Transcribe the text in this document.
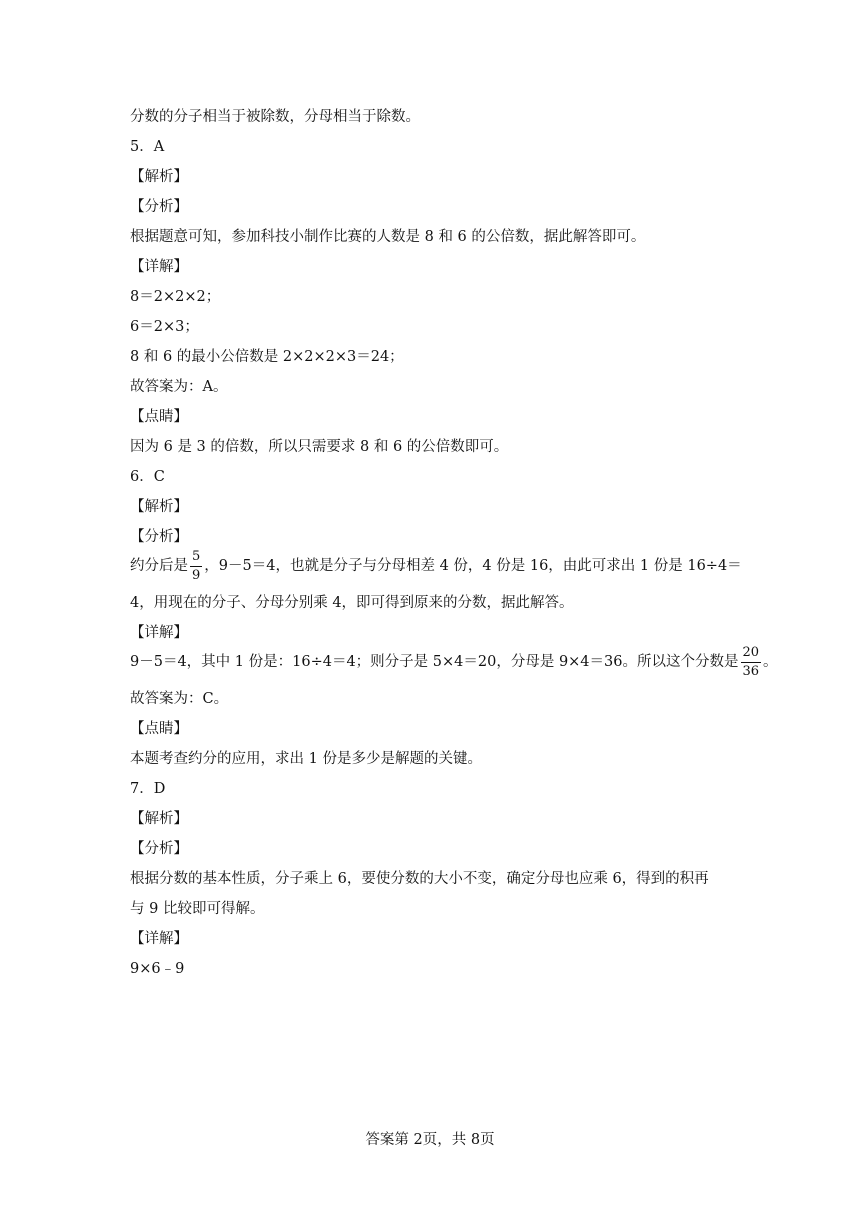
分数的分子相当于被除数，分母相当于除数。
5．A
【解析】
【分析】
根据题意可知，参加科技小制作比赛的人数是 8 和 6 的公倍数，据此解答即可。
【详解】
8＝2×2×2；
6＝2×3；
8 和 6 的最小公倍数是 2×2×2×3＝24；
故答案为：A。
【点睛】
因为 6 是 3 的倍数，所以只需要求 8 和 6 的公倍数即可。
6．C
【解析】
【分析】
约分后是 $\frac{5}{9}$ ，9－5＝4，也就是分子与分母相差 4 份，4 份是 16，由此可求出 1 份是 16÷4＝
4，用现在的分子、分母分别乘 4，即可得到原来的分数，据此解答。
【详解】
9－5＝4，其中 1 份是：16÷4＝4；则分子是 5×4＝20，分母是 9×4＝36。所以这个分数是 $\frac{20}{36}$ 。
故答案为：C。
【点睛】
本题考查约分的应用，求出 1 份是多少是解题的关键。
7．D
【解析】
【分析】
根据分数的基本性质，分子乘上 6，要使分数的大小不变，确定分母也应乘 6，得到的积再
与 9 比较即可得解。
【详解】
9×6﹣9
答案第 2页，共 8页
